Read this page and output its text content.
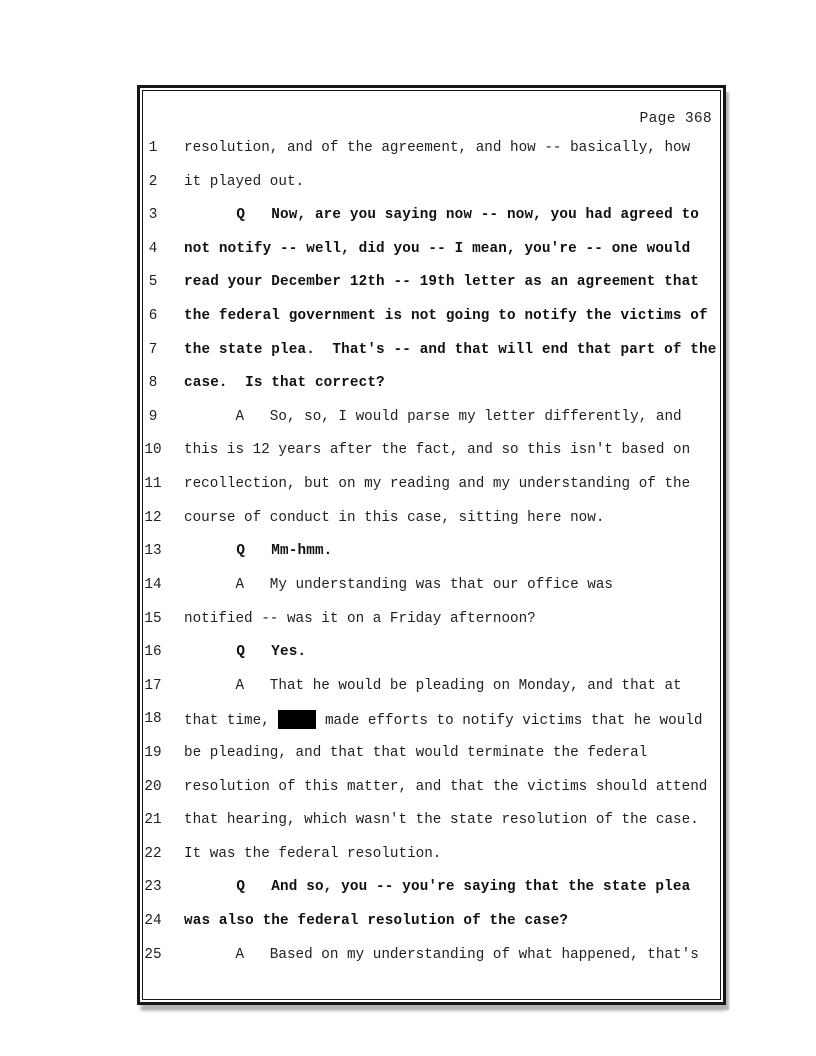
Page 368
1	resolution, and of the agreement, and how -- basically, how
2	it played out.
3	Q   Now, are you saying now -- now, you had agreed to
4	not notify -- well, did you -- I mean, you're -- one would
5	read your December 12th -- 19th letter as an agreement that
6	the federal government is not going to notify the victims of
7	the state plea.  That's -- and that will end that part of the
8	case.  Is that correct?
9	A   So, so, I would parse my letter differently, and
10 this is 12 years after the fact, and so this isn't based on
11 recollection, but on my reading and my understanding of the
12 course of conduct in this case, sitting here now.
13 Q   Mm-hmm.
14 A   My understanding was that our office was
15 notified -- was it on a Friday afternoon?
16 Q   Yes.
17 A   That he would be pleading on Monday, and that at
18 that time,	made efforts to notify victims that he would
19 be pleading, and that that would terminate the federal
20 resolution of this matter, and that the victims should attend
21 that hearing, which wasn't the state resolution of the case.
22 It was the federal resolution.
23 Q   And so, you -- you're saying that the state plea
24 was also the federal resolution of the case?
25 A   Based on my understanding of what happened, that's
